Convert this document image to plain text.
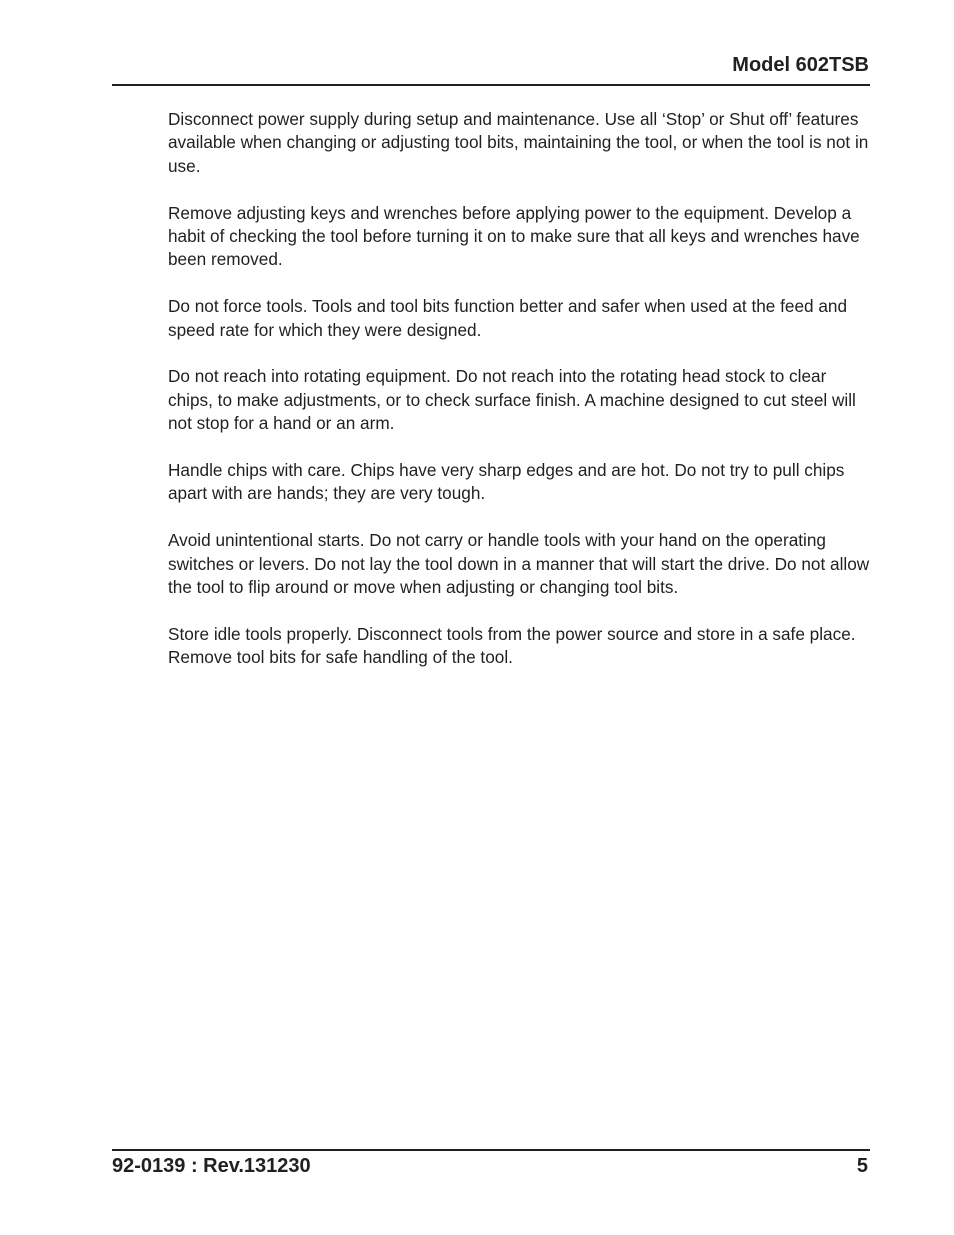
Model 602TSB

Disconnect power supply during setup and maintenance. Use all ‘Stop’ or Shut off’ features available when changing or adjusting tool bits, maintaining the tool, or when the tool is not in use.

Remove adjusting keys and wrenches before applying power to the equipment. Develop a habit of checking the tool before turning it on to make sure that all keys and wrenches have been removed.

Do not force tools. Tools and tool bits function better and safer when used at the feed and speed rate for which they were designed.

Do not reach into rotating equipment. Do not reach into the rotating head stock to clear chips, to make adjustments, or to check surface finish. A machine designed to cut steel will not stop for a hand or an arm.

Handle chips with care. Chips have very sharp edges and are hot. Do not try to pull chips apart with are hands; they are very tough.

Avoid unintentional starts. Do not carry or handle tools with your hand on the operating switches or levers. Do not lay the tool down in a manner that will start the drive. Do not allow the tool to flip around or move when adjusting or changing tool bits.

Store idle tools properly. Disconnect tools from the power source and store in a safe place. Remove tool bits for safe handling of the tool.

92-0139 : Rev.131230	5
